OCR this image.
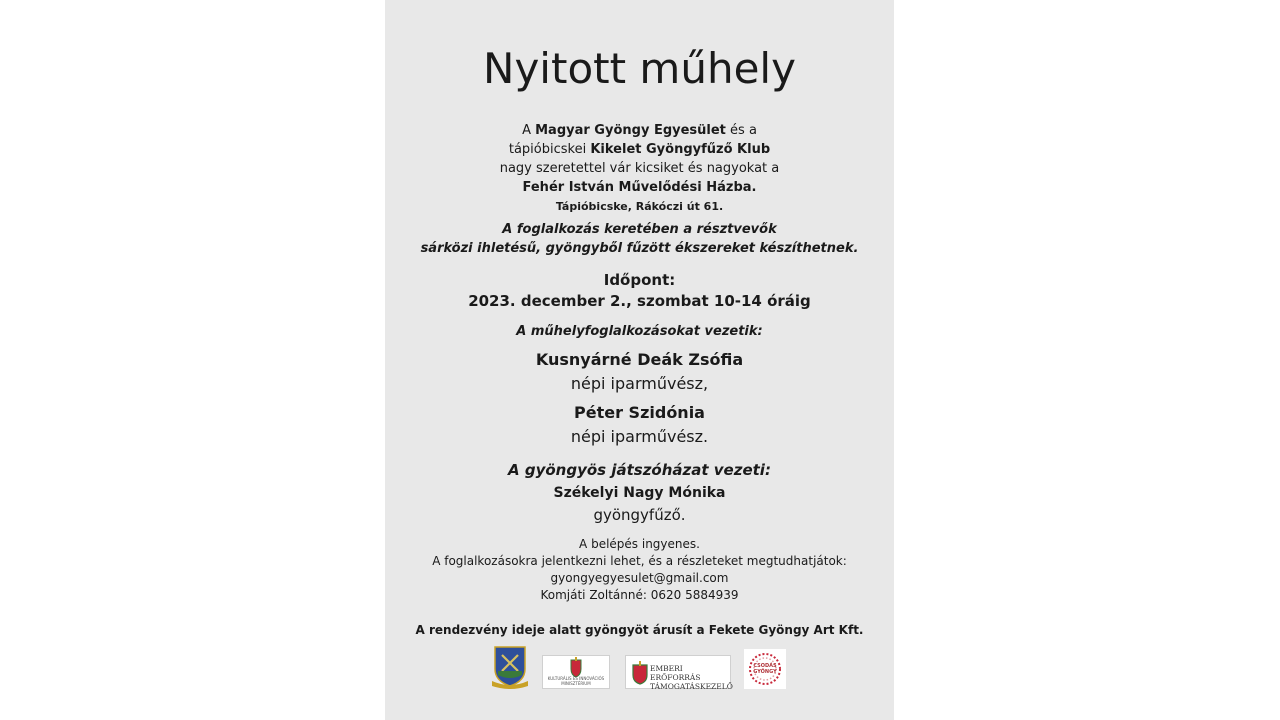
Nyitott műhely
A Magyar Gyöngy Egyesület és a
tápióbicskei Kikelet Gyöngyfűző Klub
nagy szeretettel vár kicsiket és nagyokat a
Fehér István Művelődési Házba.
Tápióbicske, Rákóczi út 61.
A foglalkozás keretében a résztvevők
sárközi ihletésű, gyöngyből fűzött ékszereket készíthetnek.
Időpont:
2023. december 2., szombat 10-14 óráig
A műhelyfoglalkozásokat vezetik:
Kusnyárné Deák Zsófia
népi iparművész,
Péter Szidónia
népi iparművész.
A gyöngyös játszóházat vezeti:
Székelyi Nagy Mónika
gyöngyfűző.
A belépés ingyenes.
A foglalkozásokra jelentkezni lehet, és a részleteket megtudhatjátok:
gyongyegyesulet@gmail.com
Komjáti Zoltánné: 0620 5884939
A rendezvény ideje alatt gyöngyöt árusít a Fekete Gyöngy Art Kft.
KULTURÁLIS ÉS INNOVÁCIÓS MINISZTÉRIUM
EMBERI ERŐFORRÁS
TÁMOGATÁSKEZELŐ
CSODÁS
GYÖNGY
